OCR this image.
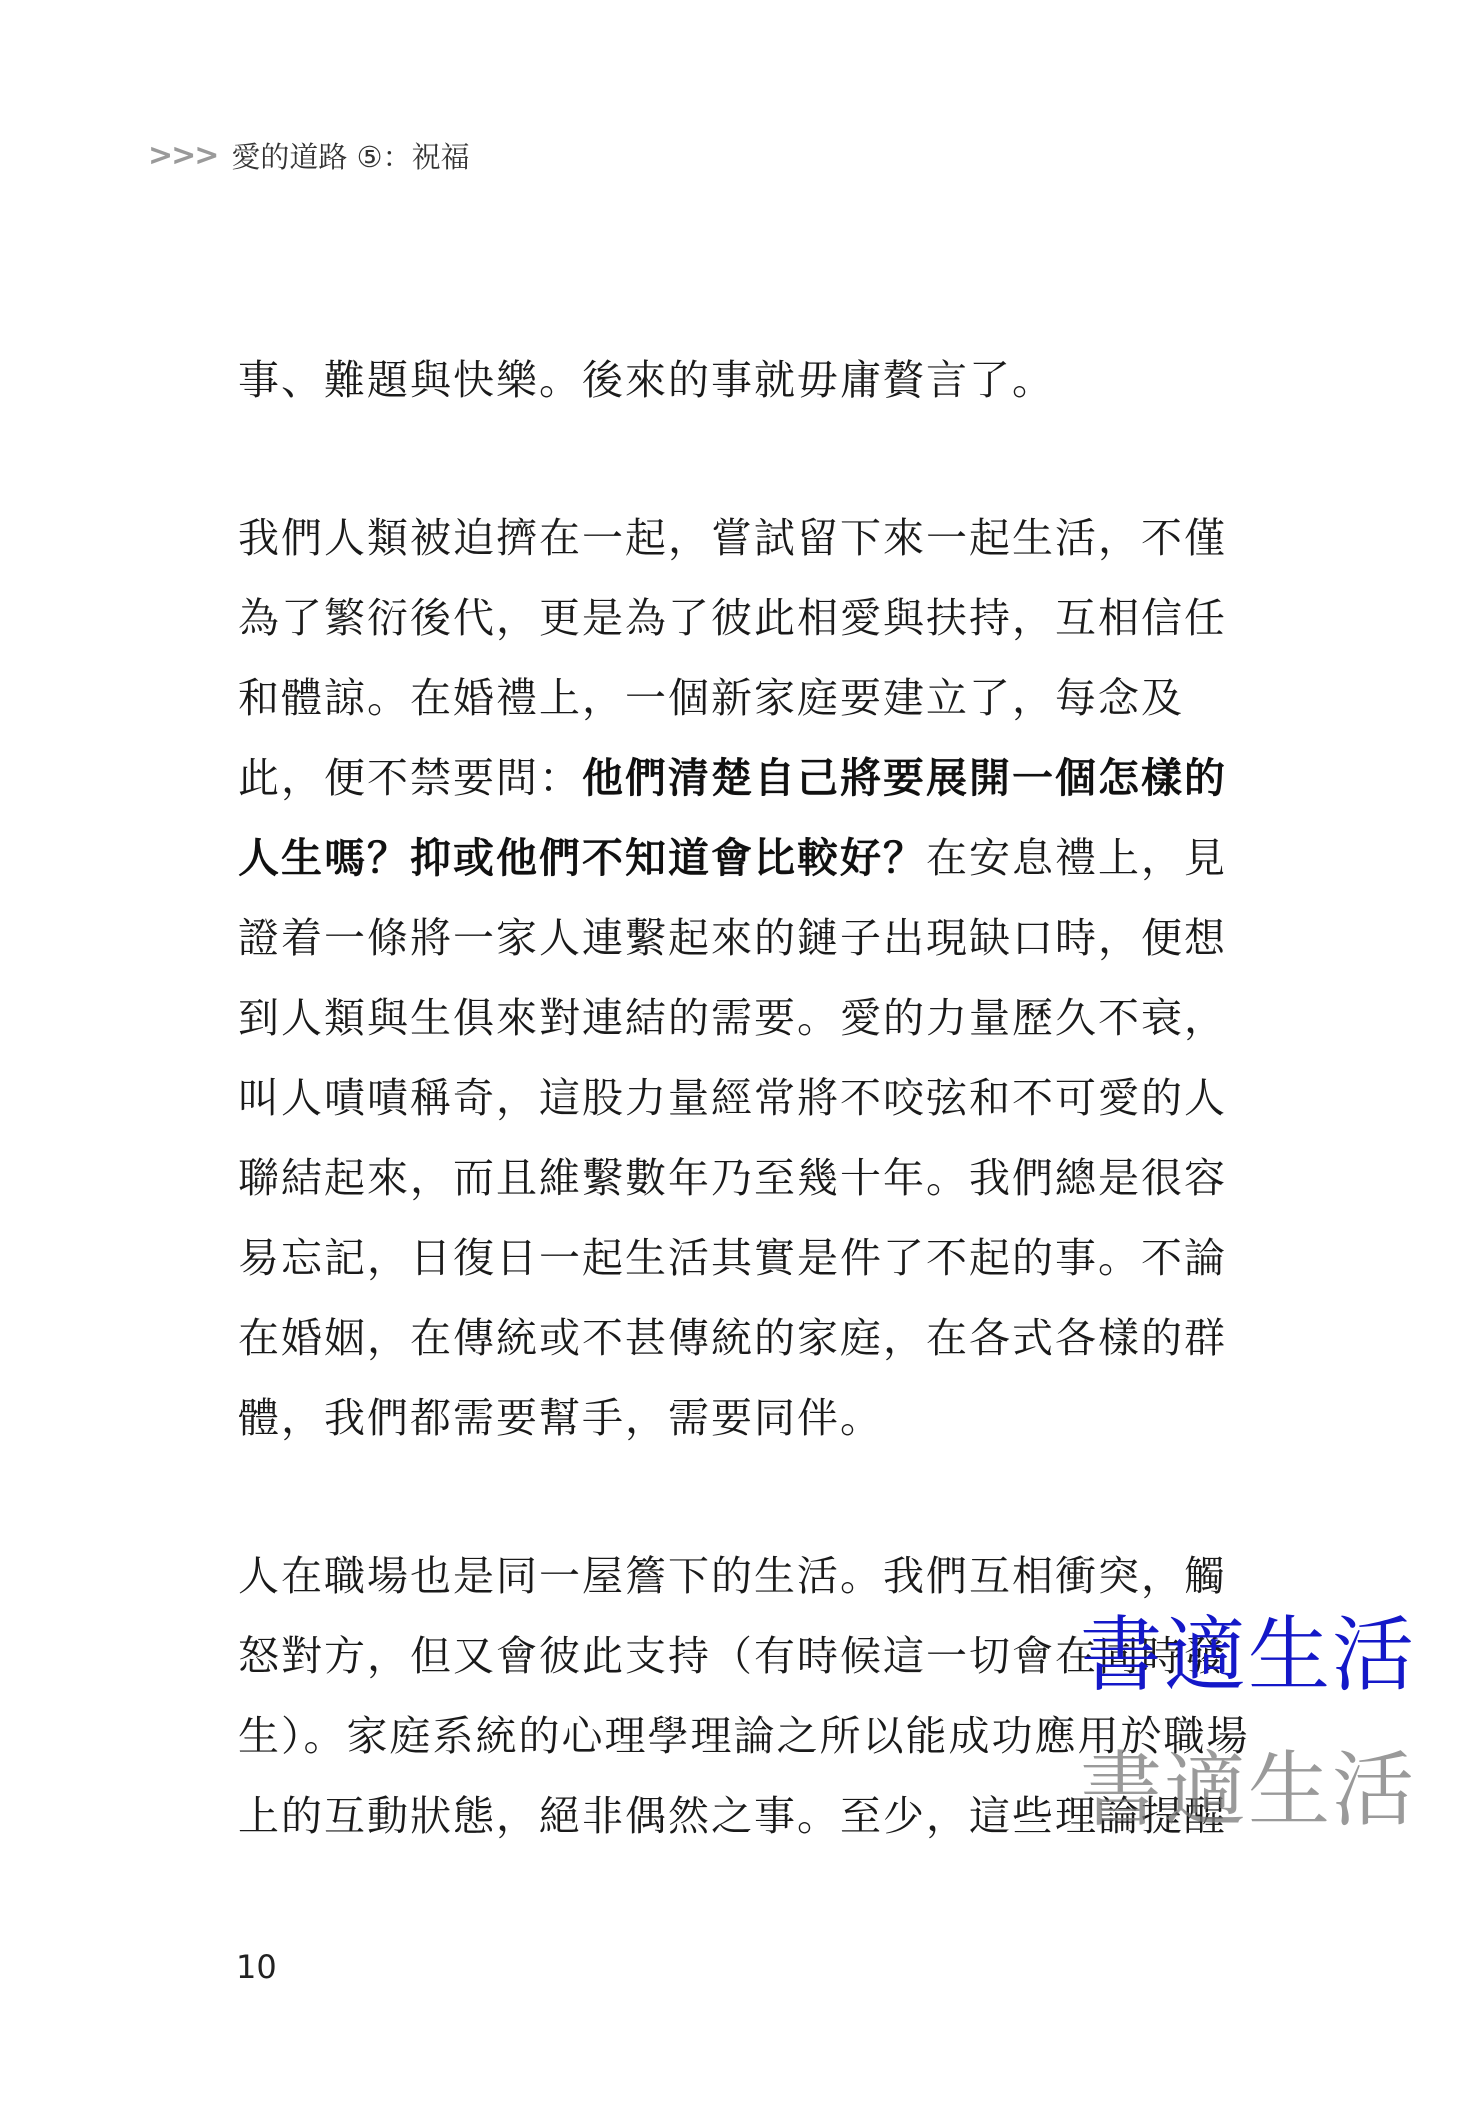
>>> 愛的道路 ⑤：祝福
事、難題與快樂。後來的事就毋庸贅言了。
我們人類被迫擠在一起，嘗試留下來一起生活，不僅
為了繁衍後代，更是為了彼此相愛與扶持，互相信任
和體諒。在婚禮上，一個新家庭要建立了，每念及
此，便不禁要問：他們清楚自己將要展開一個怎樣的
人生嗎？抑或他們不知道會比較好？在安息禮上，見
證着一條將一家人連繫起來的鏈子出現缺口時，便想
到人類與生俱來對連結的需要。愛的力量歷久不衰，
叫人嘖嘖稱奇，這股力量經常將不咬弦和不可愛的人
聯結起來，而且維繫數年乃至幾十年。我們總是很容
易忘記，日復日一起生活其實是件了不起的事。不論
在婚姻，在傳統或不甚傳統的家庭，在各式各樣的群
體，我們都需要幫手，需要同伴。
人在職場也是同一屋簷下的生活。我們互相衝突，觸
怒對方，但又會彼此支持（有時候這一切會在同時發
生）。家庭系統的心理學理論之所以能成功應用於職場
上的互動狀態，絕非偶然之事。至少，這些理論提醒
10
書適生活
書適生活
